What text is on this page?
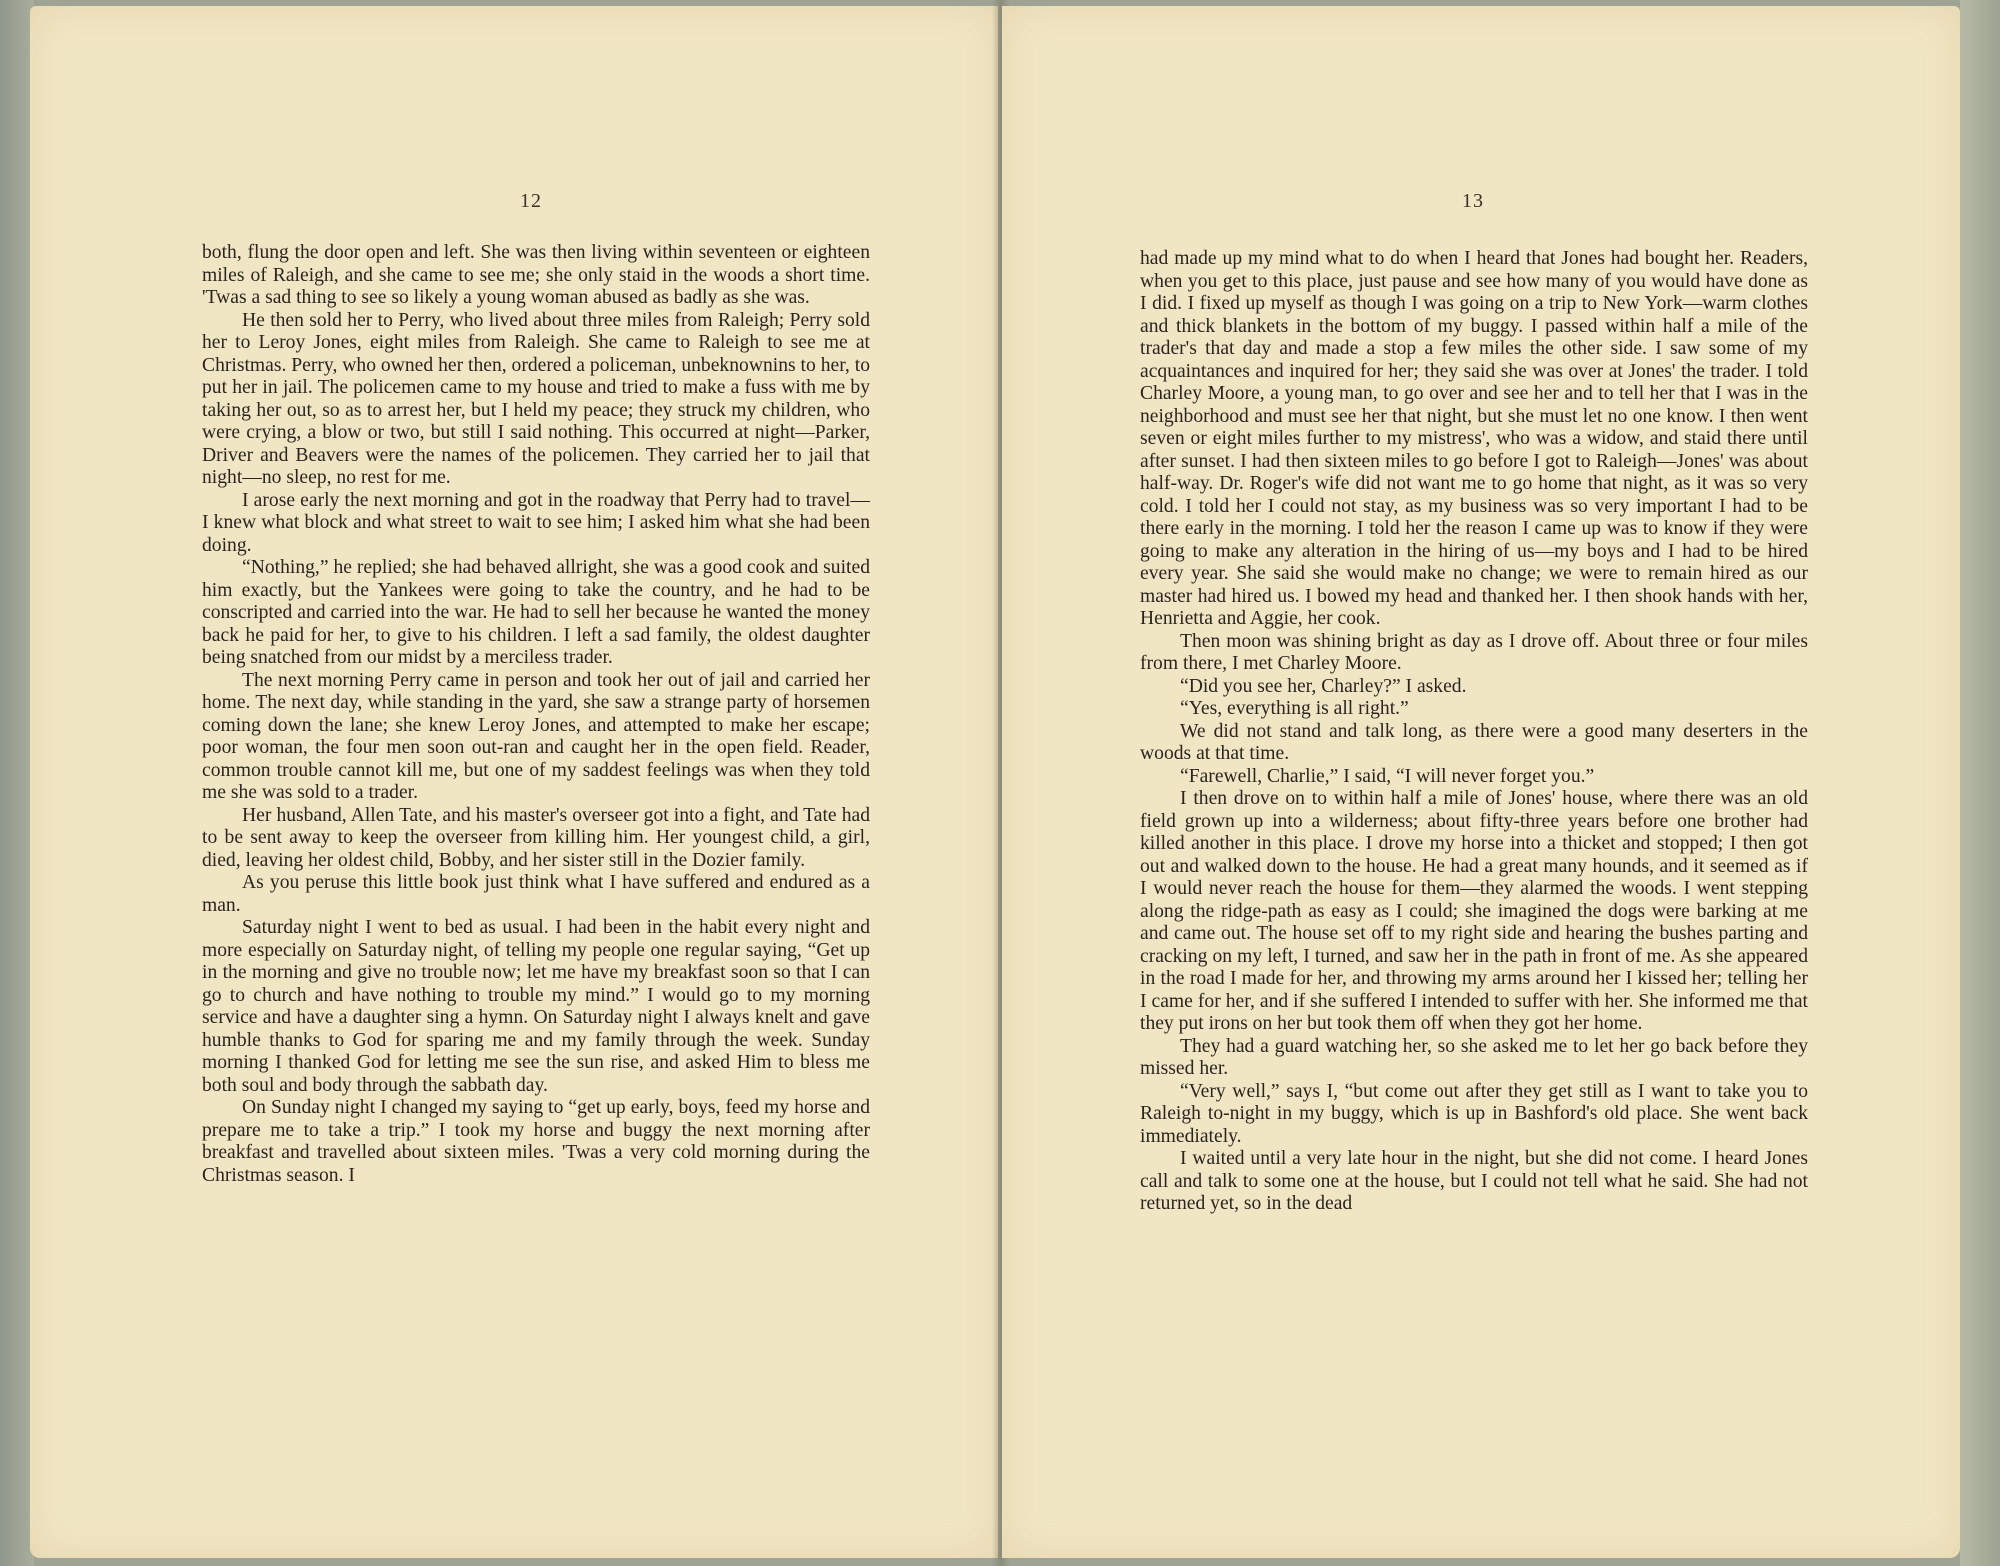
12

both, flung the door open and left. She was then living within seventeen or eighteen miles of Raleigh, and she came to see me; she only staid in the woods a short time. 'Twas a sad thing to see so likely a young woman abused as badly as she was.

He then sold her to Perry, who lived about three miles from Raleigh; Perry sold her to Leroy Jones, eight miles from Raleigh. She came to Raleigh to see me at Christmas. Perry, who owned her then, ordered a policeman, unbeknownins to her, to put her in jail. The policemen came to my house and tried to make a fuss with me by taking her out, so as to arrest her, but I held my peace; they struck my children, who were crying, a blow or two, but still I said nothing. This occurred at night—Parker, Driver and Beavers were the names of the policemen. They carried her to jail that night—no sleep, no rest for me.

I arose early the next morning and got in the roadway that Perry had to travel—I knew what block and what street to wait to see him; I asked him what she had been doing.

“Nothing,” he replied; she had behaved allright, she was a good cook and suited him exactly, but the Yankees were going to take the country, and he had to be conscripted and carried into the war. He had to sell her because he wanted the money back he paid for her, to give to his children. I left a sad family, the oldest daughter being snatched from our midst by a merciless trader.

The next morning Perry came in person and took her out of jail and carried her home. The next day, while standing in the yard, she saw a strange party of horsemen coming down the lane; she knew Leroy Jones, and attempted to make her escape; poor woman, the four men soon out-ran and caught her in the open field. Reader, common trouble cannot kill me, but one of my saddest feelings was when they told me she was sold to a trader.

Her husband, Allen Tate, and his master's overseer got into a fight, and Tate had to be sent away to keep the overseer from killing him. Her youngest child, a girl, died, leaving her oldest child, Bobby, and her sister still in the Dozier family.

As you peruse this little book just think what I have suffered and endured as a man.

Saturday night I went to bed as usual. I had been in the habit every night and more especially on Saturday night, of telling my people one regular saying, “Get up in the morning and give no trouble now; let me have my breakfast soon so that I can go to church and have nothing to trouble my mind.” I would go to my morning service and have a daughter sing a hymn. On Saturday night I always knelt and gave humble thanks to God for sparing me and my family through the week. Sunday morning I thanked God for letting me see the sun rise, and asked Him to bless me both soul and body through the sabbath day.

On Sunday night I changed my saying to “get up early, boys, feed my horse and prepare me to take a trip.” I took my horse and buggy the next morning after breakfast and travelled about sixteen miles. 'Twas a very cold morning during the Christmas season. I

13

had made up my mind what to do when I heard that Jones had bought her. Readers, when you get to this place, just pause and see how many of you would have done as I did. I fixed up myself as though I was going on a trip to New York—warm clothes and thick blankets in the bottom of my buggy. I passed within half a mile of the trader's that day and made a stop a few miles the other side. I saw some of my acquaintances and inquired for her; they said she was over at Jones' the trader. I told Charley Moore, a young man, to go over and see her and to tell her that I was in the neighborhood and must see her that night, but she must let no one know. I then went seven or eight miles further to my mistress', who was a widow, and staid there until after sunset. I had then sixteen miles to go before I got to Raleigh—Jones' was about half-way. Dr. Roger's wife did not want me to go home that night, as it was so very cold. I told her I could not stay, as my business was so very important I had to be there early in the morning. I told her the reason I came up was to know if they were going to make any alteration in the hiring of us—my boys and I had to be hired every year. She said she would make no change; we were to remain hired as our master had hired us. I bowed my head and thanked her. I then shook hands with her, Henrietta and Aggie, her cook.

Then moon was shining bright as day as I drove off. About three or four miles from there, I met Charley Moore.

“Did you see her, Charley?” I asked.

“Yes, everything is all right.”

We did not stand and talk long, as there were a good many deserters in the woods at that time.

“Farewell, Charlie,” I said, “I will never forget you.”

I then drove on to within half a mile of Jones' house, where there was an old field grown up into a wilderness; about fifty-three years before one brother had killed another in this place. I drove my horse into a thicket and stopped; I then got out and walked down to the house. He had a great many hounds, and it seemed as if I would never reach the house for them—they alarmed the woods. I went stepping along the ridge-path as easy as I could; she imagined the dogs were barking at me and came out. The house set off to my right side and hearing the bushes parting and cracking on my left, I turned, and saw her in the path in front of me. As she appeared in the road I made for her, and throwing my arms around her I kissed her; telling her I came for her, and if she suffered I intended to suffer with her. She informed me that they put irons on her but took them off when they got her home.

They had a guard watching her, so she asked me to let her go back before they missed her.

“Very well,” says I, “but come out after they get still as I want to take you to Raleigh to-night in my buggy, which is up in Bashford's old place. She went back immediately.

I waited until a very late hour in the night, but she did not come. I heard Jones call and talk to some one at the house, but I could not tell what he said. She had not returned yet, so in the dead
